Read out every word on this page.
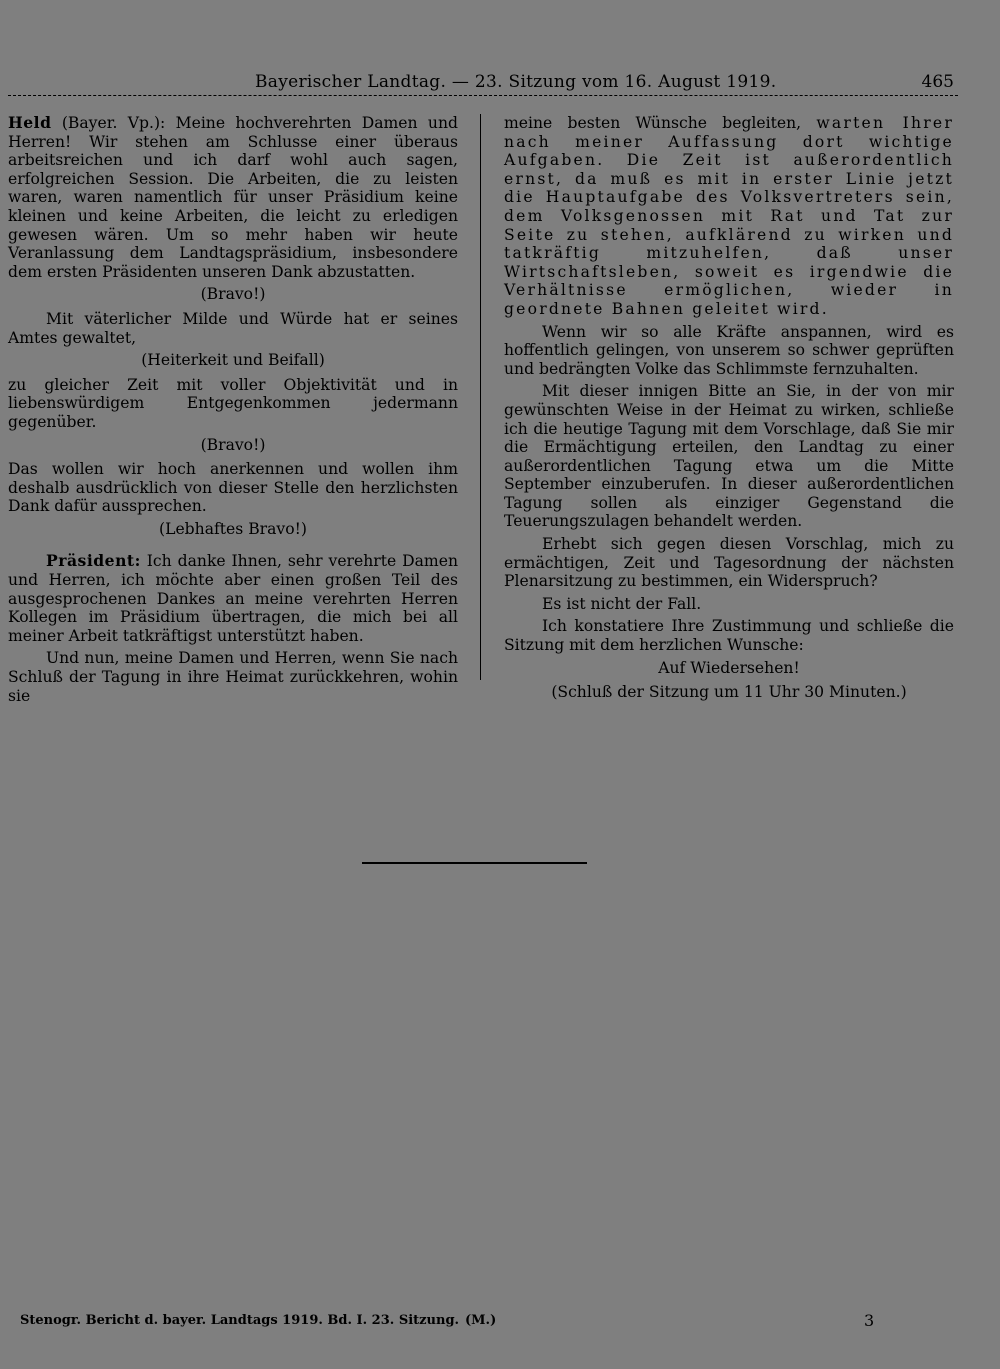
Bayerischer Landtag. — 23. Sitzung vom 16. August 1919.	465

Held (Bayer. Vp.): Meine hochverehrten Damen und Herren! Wir stehen am Schlusse einer überaus arbeitsreichen und ich darf wohl auch sagen, erfolgreichen Session. Die Arbeiten, die zu leisten waren, waren namentlich für unser Präsidium keine kleinen und keine Arbeiten, die leicht zu erledigen gewesen wären. Um so mehr haben wir heute Veranlassung dem Landtagspräsidium, insbesondere dem ersten Präsidenten unseren Dank abzustatten.

(Bravo!)

Mit väterlicher Milde und Würde hat er seines Amtes gewaltet,

(Heiterkeit und Beifall)

zu gleicher Zeit mit voller Objektivität und in liebenswürdigem Entgegenkommen jedermann gegenüber.

(Bravo!)

Das wollen wir hoch anerkennen und wollen ihm deshalb ausdrücklich von dieser Stelle den herzlichsten Dank dafür aussprechen.

(Lebhaftes Bravo!)

Präsident: Ich danke Ihnen, sehr verehrte Damen und Herren, ich möchte aber einen großen Teil des ausgesprochenen Dankes an meine verehrten Herren Kollegen im Präsidium übertragen, die mich bei all meiner Arbeit tatkräftigst unterstützt haben.

Und nun, meine Damen und Herren, wenn Sie nach Schluß der Tagung in ihre Heimat zurückkehren, wohin sie

meine besten Wünsche begleiten, warten Ihrer nach meiner Auffassung dort wichtige Aufgaben. Die Zeit ist außerordentlich ernst, da muß es mit in erster Linie jetzt die Hauptaufgabe des Volksvertreters sein, dem Volksgenossen mit Rat und Tat zur Seite zu stehen, aufklärend zu wirken und tatkräftig mitzuhelfen, daß unser Wirtschaftsleben, soweit es irgendwie die Verhältnisse ermöglichen, wieder in geordnete Bahnen geleitet wird.

Wenn wir so alle Kräfte anspannen, wird es hoffentlich gelingen, von unserem so schwer geprüften und bedrängten Volke das Schlimmste fernzuhalten.

Mit dieser innigen Bitte an Sie, in der von mir gewünschten Weise in der Heimat zu wirken, schließe ich die heutige Tagung mit dem Vorschlage, daß Sie mir die Ermächtigung erteilen, den Landtag zu einer außerordentlichen Tagung etwa um die Mitte September einzuberufen. In dieser außerordentlichen Tagung sollen als einziger Gegenstand die Teuerungszulagen behandelt werden.

Erhebt sich gegen diesen Vorschlag, mich zu ermächtigen, Zeit und Tagesordnung der nächsten Plenarsitzung zu bestimmen, ein Widerspruch?

Es ist nicht der Fall.

Ich konstatiere Ihre Zustimmung und schließe die Sitzung mit dem herzlichen Wunsche:

Auf Wiedersehen!

(Schluß der Sitzung um 11 Uhr 30 Minuten.)

Stenogr. Bericht d. bayer. Landtags 1919. Bd. I. 23. Sitzung. (M.)	3
